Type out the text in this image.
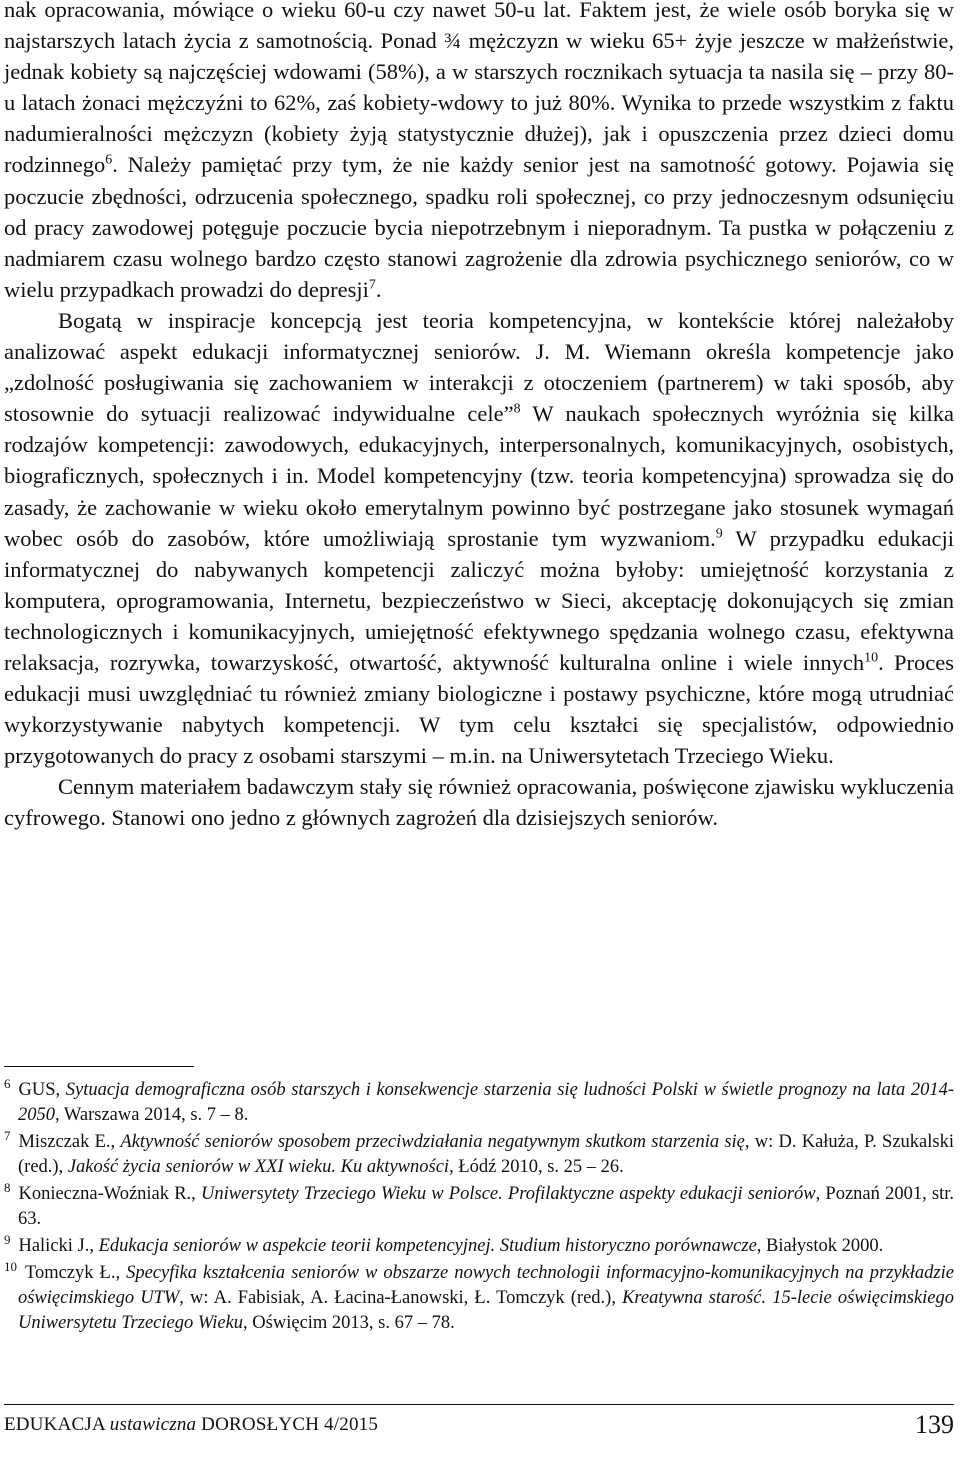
nak opracowania, mówiące o wieku 60-u czy nawet 50-u lat. Faktem jest, że wiele osób boryka się w najstarszych latach życia z samotnością. Ponad ¾ mężczyzn w wieku 65+ żyje jeszcze w małżeństwie, jednak kobiety są najczęściej wdowami (58%), a w starszych rocznikach sytuacja ta nasila się – przy 80-u latach żonaci mężczyźni to 62%, zaś kobiety-wdowy to już 80%. Wynika to przede wszystkim z faktu nadumieralności mężczyzn (kobiety żyją statystycznie dłużej), jak i opuszczenia przez dzieci domu rodzinnego$^6$. Należy pamiętać przy tym, że nie każdy senior jest na samotność gotowy. Pojawia się poczucie zbędności, odrzucenia społecznego, spadku roli społecznej, co przy jednoczesnym odsunięciu od pracy zawodowej potęguje poczucie bycia niepotrzebnym i nieporadnym. Ta pustka w połączeniu z nadmiarem czasu wolnego bardzo często stanowi zagrożenie dla zdrowia psychicznego seniorów, co w wielu przypadkach prowadzi do depresji$^7$.

Bogatą w inspiracje koncepcją jest teoria kompetencyjna, w kontekście której należałoby analizować aspekt edukacji informatycznej seniorów. J. M. Wiemann określa kompetencje jako „zdolność posługiwania się zachowaniem w interakcji z otoczeniem (partnerem) w taki sposób, aby stosownie do sytuacji realizować indywidualne cele”$^8$ W naukach społecznych wyróżnia się kilka rodzajów kompetencji: zawodowych, edukacyjnych, interpersonalnych, komunikacyjnych, osobistych, biograficznych, społecznych i in. Model kompetencyjny (tzw. teoria kompetencyjna) sprowadza się do zasady, że zachowanie w wieku około emerytalnym powinno być postrzegane jako stosunek wymagań wobec osób do zasobów, które umożliwiają sprostanie tym wyzwaniom.$^9$ W przypadku edukacji informatycznej do nabywanych kompetencji zaliczyć można byłoby: umiejętność korzystania z komputera, oprogramowania, Internetu, bezpieczeństwo w Sieci, akceptację dokonujących się zmian technologicznych i komunikacyjnych, umiejętność efektywnego spędzania wolnego czasu, efektywna relaksacja, rozrywka, towarzyskość, otwartość, aktywność kulturalna online i wiele innych$^{10}$. Proces edukacji musi uwzględniać tu również zmiany biologiczne i postawy psychiczne, które mogą utrudniać wykorzystywanie nabytych kompetencji. W tym celu kształci się specjalistów, odpowiednio przygotowanych do pracy z osobami starszymi – m.in. na Uniwersytetach Trzeciego Wieku.

Cennym materiałem badawczym stały się również opracowania, poświęcone zjawisku wykluczenia cyfrowego. Stanowi ono jedno z głównych zagrożeń dla dzisiejszych seniorów.

$^6$ GUS, Sytuacja demograficzna osób starszych i konsekwencje starzenia się ludności Polski w świetle prognozy na lata 2014-2050, Warszawa 2014, s. 7 – 8.

$^7$ Miszczak E., Aktywność seniorów sposobem przeciwdziałania negatywnym skutkom starzenia się, w: D. Kałuża, P. Szukalski (red.), Jakość życia seniorów w XXI wieku. Ku aktywności, Łódź 2010, s. 25 – 26.

$^8$ Konieczna-Woźniak R., Uniwersytety Trzeciego Wieku w Polsce. Profilaktyczne aspekty edukacji seniorów, Poznań 2001, str. 63.

$^9$ Halicki J., Edukacja seniorów w aspekcie teorii kompetencyjnej. Studium historyczno porównawcze, Białystok 2000.

$^{10}$ Tomczyk Ł., Specyfika kształcenia seniorów w obszarze nowych technologii informacyjno-komunikacyjnych na przykładzie oświęcimskiego UTW, w: A. Fabisiak, A. Łacina-Łanowski, Ł. Tomczyk (red.), Kreatywna starość. 15-lecie oświęcimskiego Uniwersytetu Trzeciego Wieku, Oświęcim 2013, s. 67 – 78.

EDUKACJA ustawiczna DOROSŁYCH 4/2015	139
